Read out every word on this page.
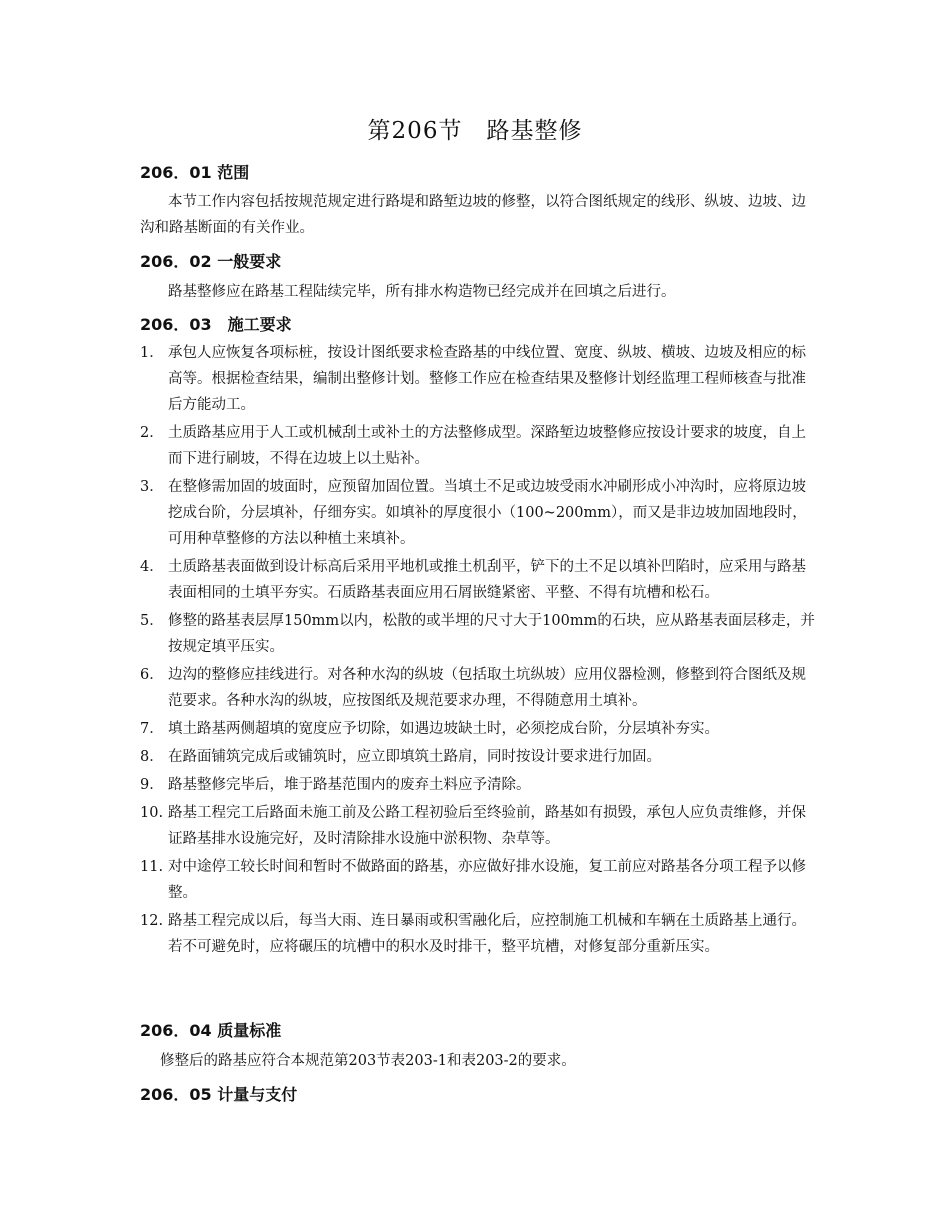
第206节　路基整修
206．01 范围
本节工作内容包括按规范规定进行路堤和路堑边坡的修整，以符合图纸规定的线形、纵坡、边坡、边沟和路基断面的有关作业。
206．02 一般要求
路基整修应在路基工程陆续完毕，所有排水构造物已经完成并在回填之后进行。
206．03　施工要求
1． 承包人应恢复各项标桩，按设计图纸要求检查路基的中线位置、宽度、纵坡、横坡、边坡及相应的标高等。根据检查结果，编制出整修计划。整修工作应在检查结果及整修计划经监理工程师核查与批准后方能动工。
2． 土质路基应用于人工或机械刮土或补土的方法整修成型。深路堑边坡整修应按设计要求的坡度，自上而下进行刷坡，不得在边坡上以土贴补。
3． 在整修需加固的坡面时，应预留加固位置。当填土不足或边坡受雨水冲刷形成小冲沟时，应将原边坡挖成台阶，分层填补，仔细夯实。如填补的厚度很小（100~200mm），而又是非边坡加固地段时，可用种草整修的方法以种植土来填补。
4． 土质路基表面做到设计标高后采用平地机或推土机刮平，铲下的土不足以填补凹陷时，应采用与路基表面相同的土填平夯实。石质路基表面应用石屑嵌缝紧密、平整、不得有坑槽和松石。
5． 修整的路基表层厚150mm以内，松散的或半埋的尺寸大于100mm的石块，应从路基表面层移走，并按规定填平压实。
6． 边沟的整修应挂线进行。对各种水沟的纵坡（包括取土坑纵坡）应用仪器检测，修整到符合图纸及规范要求。各种水沟的纵坡，应按图纸及规范要求办理，不得随意用土填补。
7． 填土路基两侧超填的宽度应予切除，如遇边坡缺土时，必须挖成台阶，分层填补夯实。
8． 在路面铺筑完成后或铺筑时，应立即填筑土路肩，同时按设计要求进行加固。
9． 路基整修完毕后，堆于路基范围内的废弃土料应予清除。
10. 路基工程完工后路面未施工前及公路工程初验后至终验前，路基如有损毁，承包人应负责维修，并保证路基排水设施完好，及时清除排水设施中淤积物、杂草等。
11. 对中途停工较长时间和暂时不做路面的路基，亦应做好排水设施，复工前应对路基各分项工程予以修整。
12. 路基工程完成以后，每当大雨、连日暴雨或积雪融化后，应控制施工机械和车辆在土质路基上通行。若不可避免时，应将碾压的坑槽中的积水及时排干，整平坑槽，对修复部分重新压实。
206．04 质量标准
修整后的路基应符合本规范第203节表203-1和表203-2的要求。
206．05 计量与支付
